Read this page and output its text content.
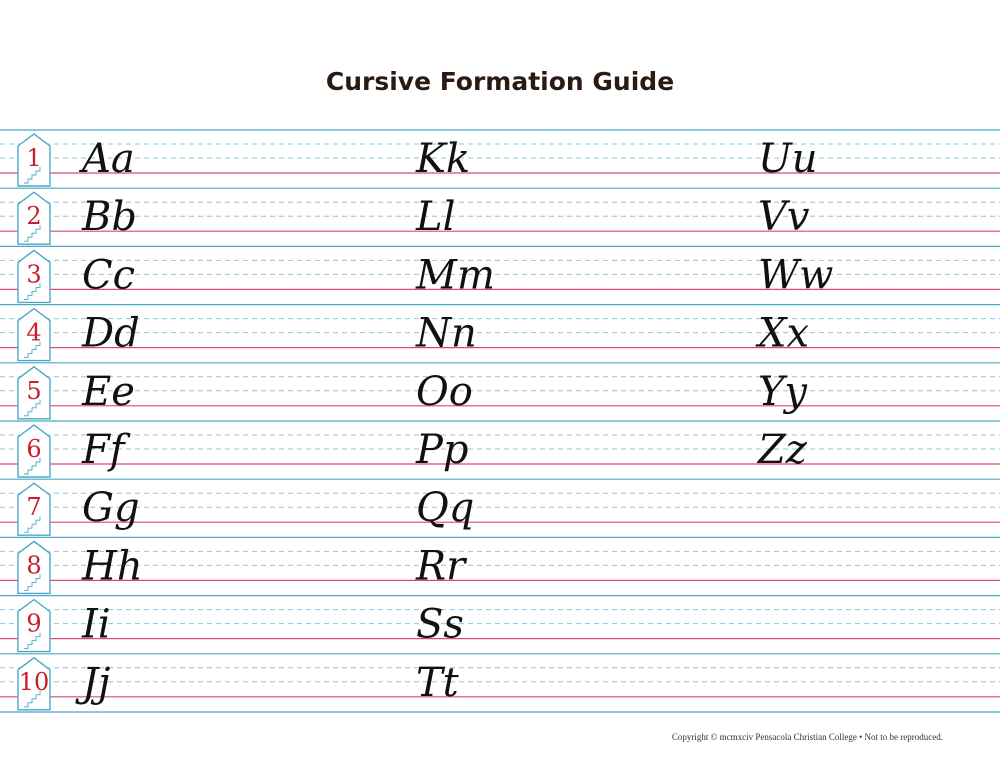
Cursive Formation Guide
1
2
3
4
5
6
7
8
9
10
Aa
Bb
Cc
Dd
Ee
Ff
Gg
Hh
Ii
Jj
Kk
Ll
Mm
Nn
Oo
Pp
Qq
Rr
Ss
Tt
Uu
Vv
Ww
Xx
Yy
Zz
Copyright © mcmxciv Pensacola Christian College • Not to be reproduced.
